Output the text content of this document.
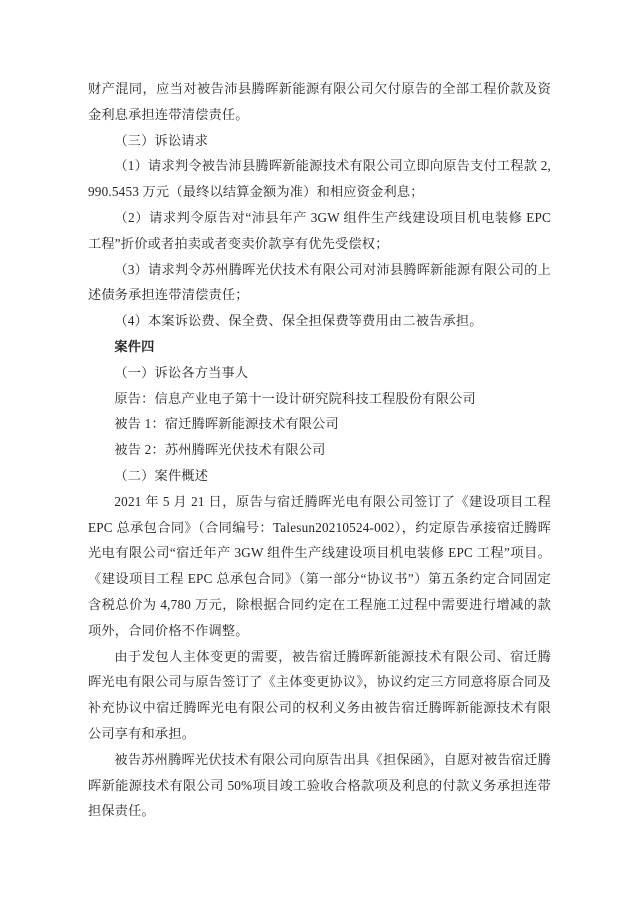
财产混同，应当对被告沛县腾晖新能源有限公司欠付原告的全部工程价款及资金利息承担连带清偿责任。

（三）诉讼请求

（1）请求判令被告沛县腾晖新能源技术有限公司立即向原告支付工程款 2,990.5453 万元（最终以结算金额为准）和相应资金利息；

（2）请求判令原告对“沛县年产 3GW 组件生产线建设项目机电装修 EPC 工程”折价或者拍卖或者变卖价款享有优先受偿权；

（3）请求判令苏州腾晖光伏技术有限公司对沛县腾晖新能源有限公司的上述债务承担连带清偿责任；

（4）本案诉讼费、保全费、保全担保费等费用由二被告承担。

案件四

（一）诉讼各方当事人

原告：信息产业电子第十一设计研究院科技工程股份有限公司

被告 1：宿迁腾晖新能源技术有限公司

被告 2：苏州腾晖光伏技术有限公司

（二）案件概述

2021 年 5 月 21 日，原告与宿迁腾晖光电有限公司签订了《建设项目工程 EPC 总承包合同》（合同编号：Talesun20210524-002），约定原告承接宿迁腾晖光电有限公司“宿迁年产 3GW 组件生产线建设项目机电装修 EPC 工程”项目。《建设项目工程 EPC 总承包合同》（第一部分“协议书”）第五条约定合同固定含税总价为 4,780 万元，除根据合同约定在工程施工过程中需要进行增减的款项外，合同价格不作调整。

由于发包人主体变更的需要，被告宿迁腾晖新能源技术有限公司、宿迁腾晖光电有限公司与原告签订了《主体变更协议》，协议约定三方同意将原合同及补充协议中宿迁腾晖光电有限公司的权利义务由被告宿迁腾晖新能源技术有限公司享有和承担。

被告苏州腾晖光伏技术有限公司向原告出具《担保函》，自愿对被告宿迁腾晖新能源技术有限公司 50%项目竣工验收合格款项及利息的付款义务承担连带担保责任。
